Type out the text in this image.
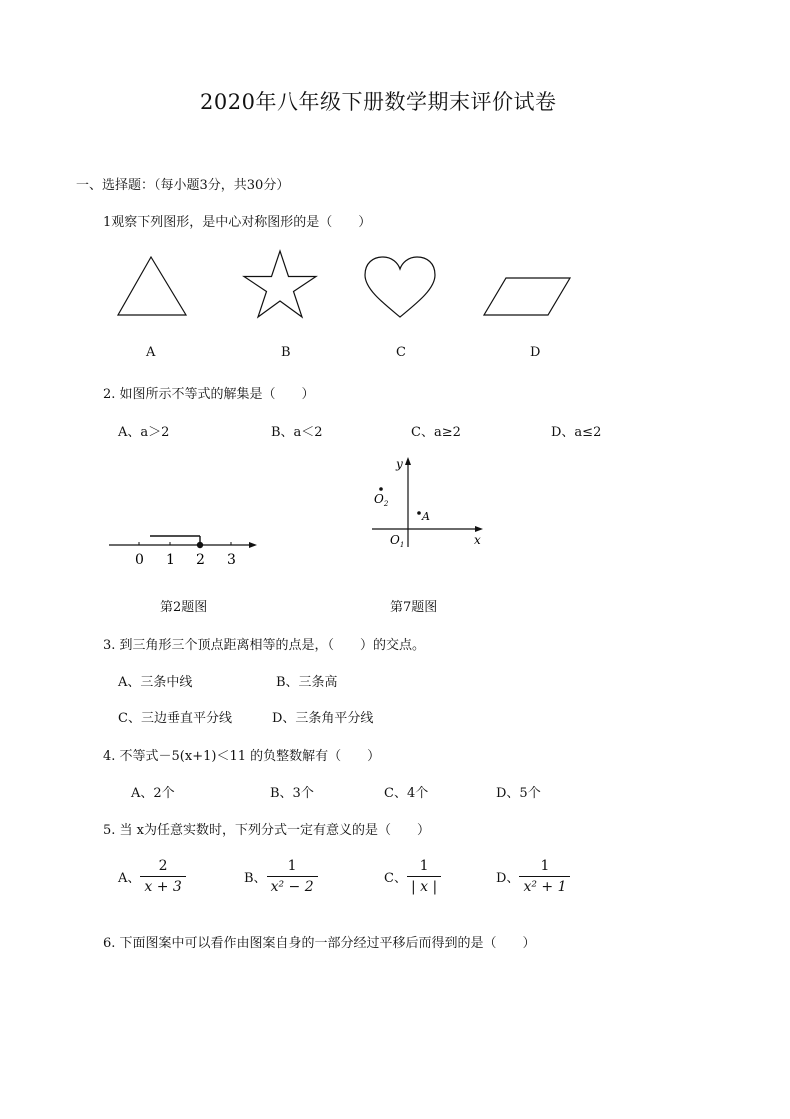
2020年八年级下册数学期末评价试卷
一、选择题：（每小题3分，共30分）
1观察下列图形，是中心对称图形的是（　　）
A	B	C	D
2. 如图所示不等式的解集是（　　）
A、a＞2	B、a＜2	C、a≥2	D、a≤2
0 1 2 3
y
x
$O_2$
A
$O_1$
第2题图	第7题图
3. 到三角形三个顶点距离相等的点是，（　　）的交点。
A、三条中线	B、三条高
C、三边垂直平分线	D、三条角平分线
4. 不等式－5(x+1)＜11 的负整数解有（　　）
A、2个	B、3个	C、4个	D、5个
5. 当 x为任意实数时，下列分式一定有意义的是（　　）
A、 $\frac{2}{x + 3}$	B、 $\frac{1}{\text{x² − 2}}$	C、 $\frac{1}{| x |}$	D、 $\frac{1}{\text{x² + 1}}$
6. 下面图案中可以看作由图案自身的一部分经过平移后而得到的是（　　）
